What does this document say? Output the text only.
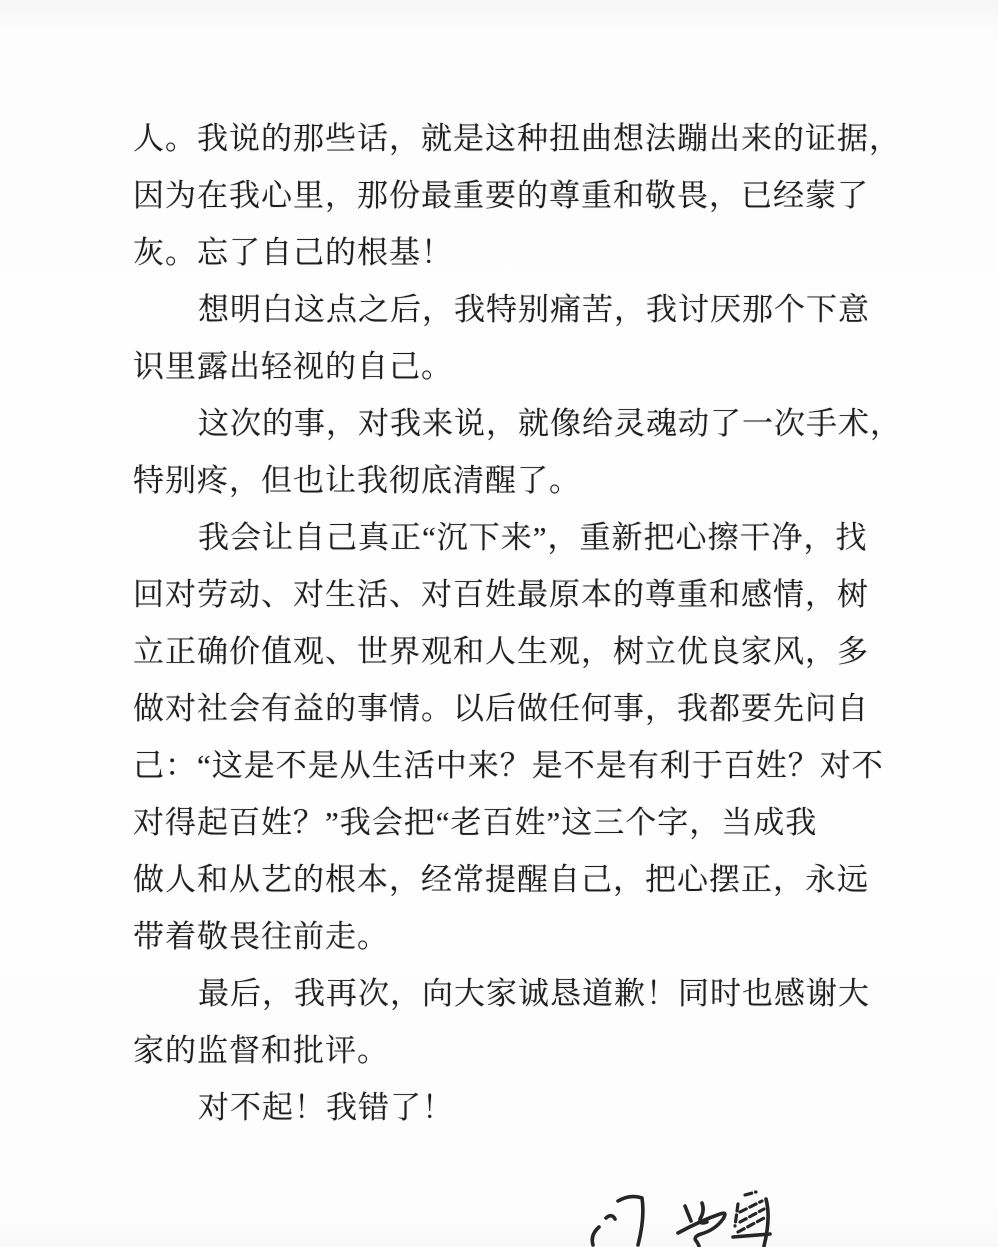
人。我说的那些话，就是这种扭曲想法蹦出来的证据，
因为在我心里，那份最重要的尊重和敬畏，已经蒙了
灰。忘了自己的根基！
想明白这点之后，我特别痛苦，我讨厌那个下意
识里露出轻视的自己。
这次的事，对我来说，就像给灵魂动了一次手术，
特别疼，但也让我彻底清醒了。
我会让自己真正“沉下来”，重新把心擦干净，找
回对劳动、对生活、对百姓最原本的尊重和感情，树
立正确价值观、世界观和人生观，树立优良家风，多
做对社会有益的事情。以后做任何事，我都要先问自
己：“这是不是从生活中来？是不是有利于百姓？对不
对得起百姓？”我会把“老百姓”这三个字，当成我
做人和从艺的根本，经常提醒自己，把心摆正，永远
带着敬畏往前走。
最后，我再次，向大家诚恳道歉！同时也感谢大
家的监督和批评。
对不起！我错了！
